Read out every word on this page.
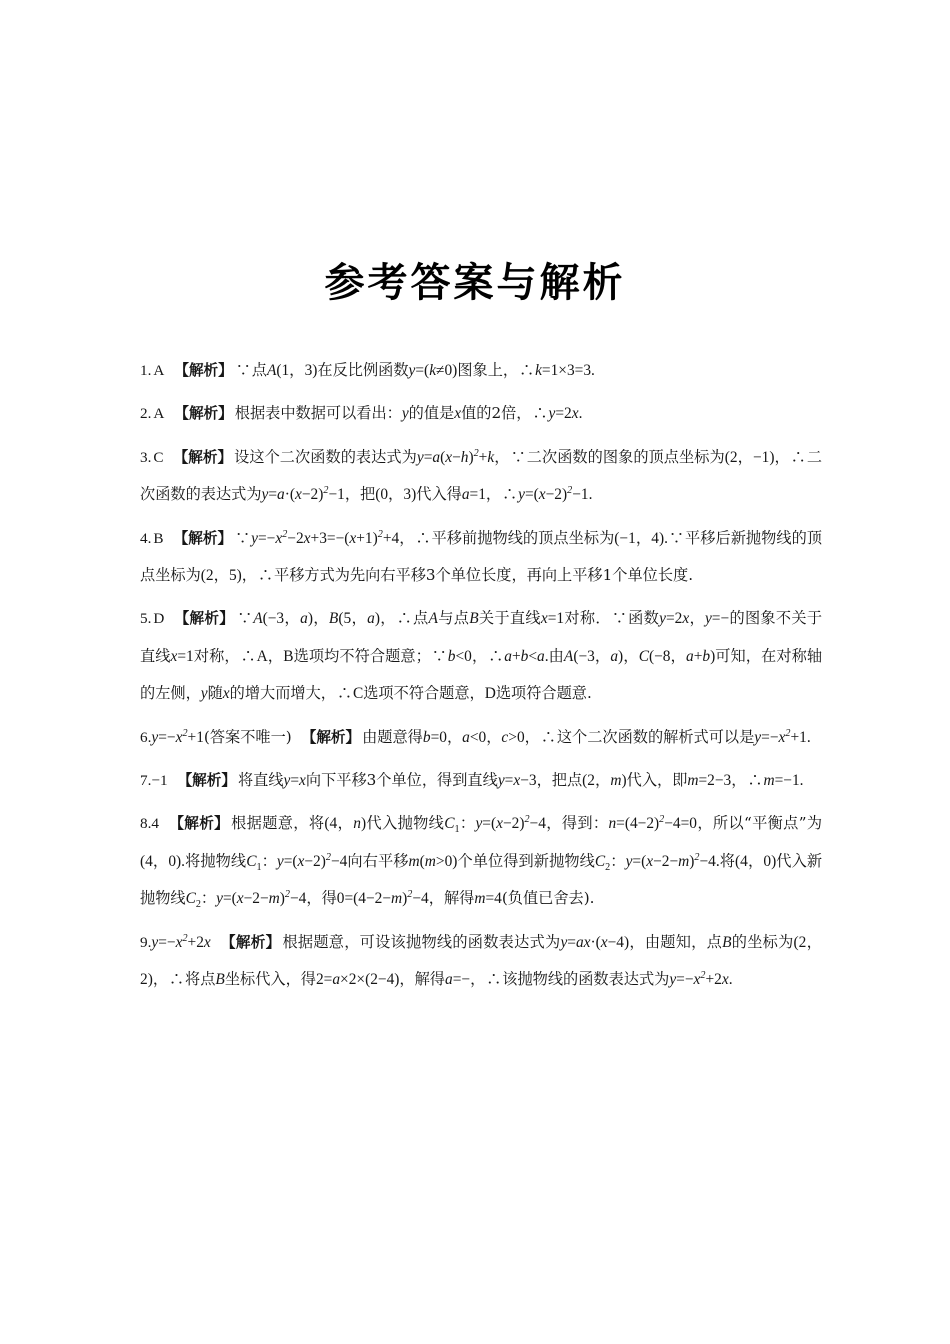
参考答案与解析

1. A 【解析】 ∵点A(1，3)在反比例函数y=(k≠0)图象上，∴k=1×3=3.

2. A 【解析】 根据表中数据可以看出：y的值是x值的2倍，∴y=2x.

3. C 【解析】 设这个二次函数的表达式为$y=a(x-h)^2+k$，∵二次函数的图象的顶点坐标为(2，−1)，∴二次函数的表达式为$y=a\cdot(x-2)^2-1$，把(0，3)代入得a=1，$\therefore y=(x-2)^2-1$.

4. B 【解析】 $\because y=-x^2-2x+3=-(x+1)^2+4$，∴平移前抛物线的顶点坐标为(−1，4).∵平移后新抛物线的顶点坐标为(2，5)，∴平移方式为先向右平移3个单位长度，再向上平移1个单位长度.

5. D 【解析】 ∵A(−3，a)，B(5，a)，∴点A与点B关于直线x=1对称．∵函数y=2x，y=−的图象不关于直线x=1对称，∴A，B选项均不符合题意；∵b<0，∴a+b<a.由A(−3，a)，C(−8，a+b)可知，在对称轴的左侧，y随x的增大而增大，∴C选项不符合题意，D选项符合题意.

$6.y=-x^2+1$(答案不唯一) 【解析】 由题意得b=0，a<0，c>0，∴这个二次函数的解析式可以是$y=-x^2+1$.

7.−1 【解析】 将直线y=x向下平移3个单位，得到直线y=x−3，把点(2，m)代入，即m=2−3，∴m=−1.

8.4 【解析】 根据题意，将(4，n)代入抛物线$C_1$：$y=(x-2)^2-4$，得到：$n=(4-2)^2-4=0$，所以“平衡点”为(4，0).将抛物线$C_1$：$y=(x-2)^2-4$向右平移m(m>0)个单位得到新抛物线$C_2$：$y=(x-2-m)^2-4$.将(4，0)代入新抛物线$C_2$：$y=(x-2-m)^2-4$，得$0=(4-2-m)^2-4$，解得m=4(负值已舍去).

$9.y=-x^2+2x$ 【解析】 根据题意，可设该抛物线的函数表达式为y=ax·(x−4)，由题知，点B的坐标为(2，2)，∴将点B坐标代入，得2=a×2×(2−4)，解得a=−，∴该抛物线的函数表达式为$y=-x^2+2x$.
